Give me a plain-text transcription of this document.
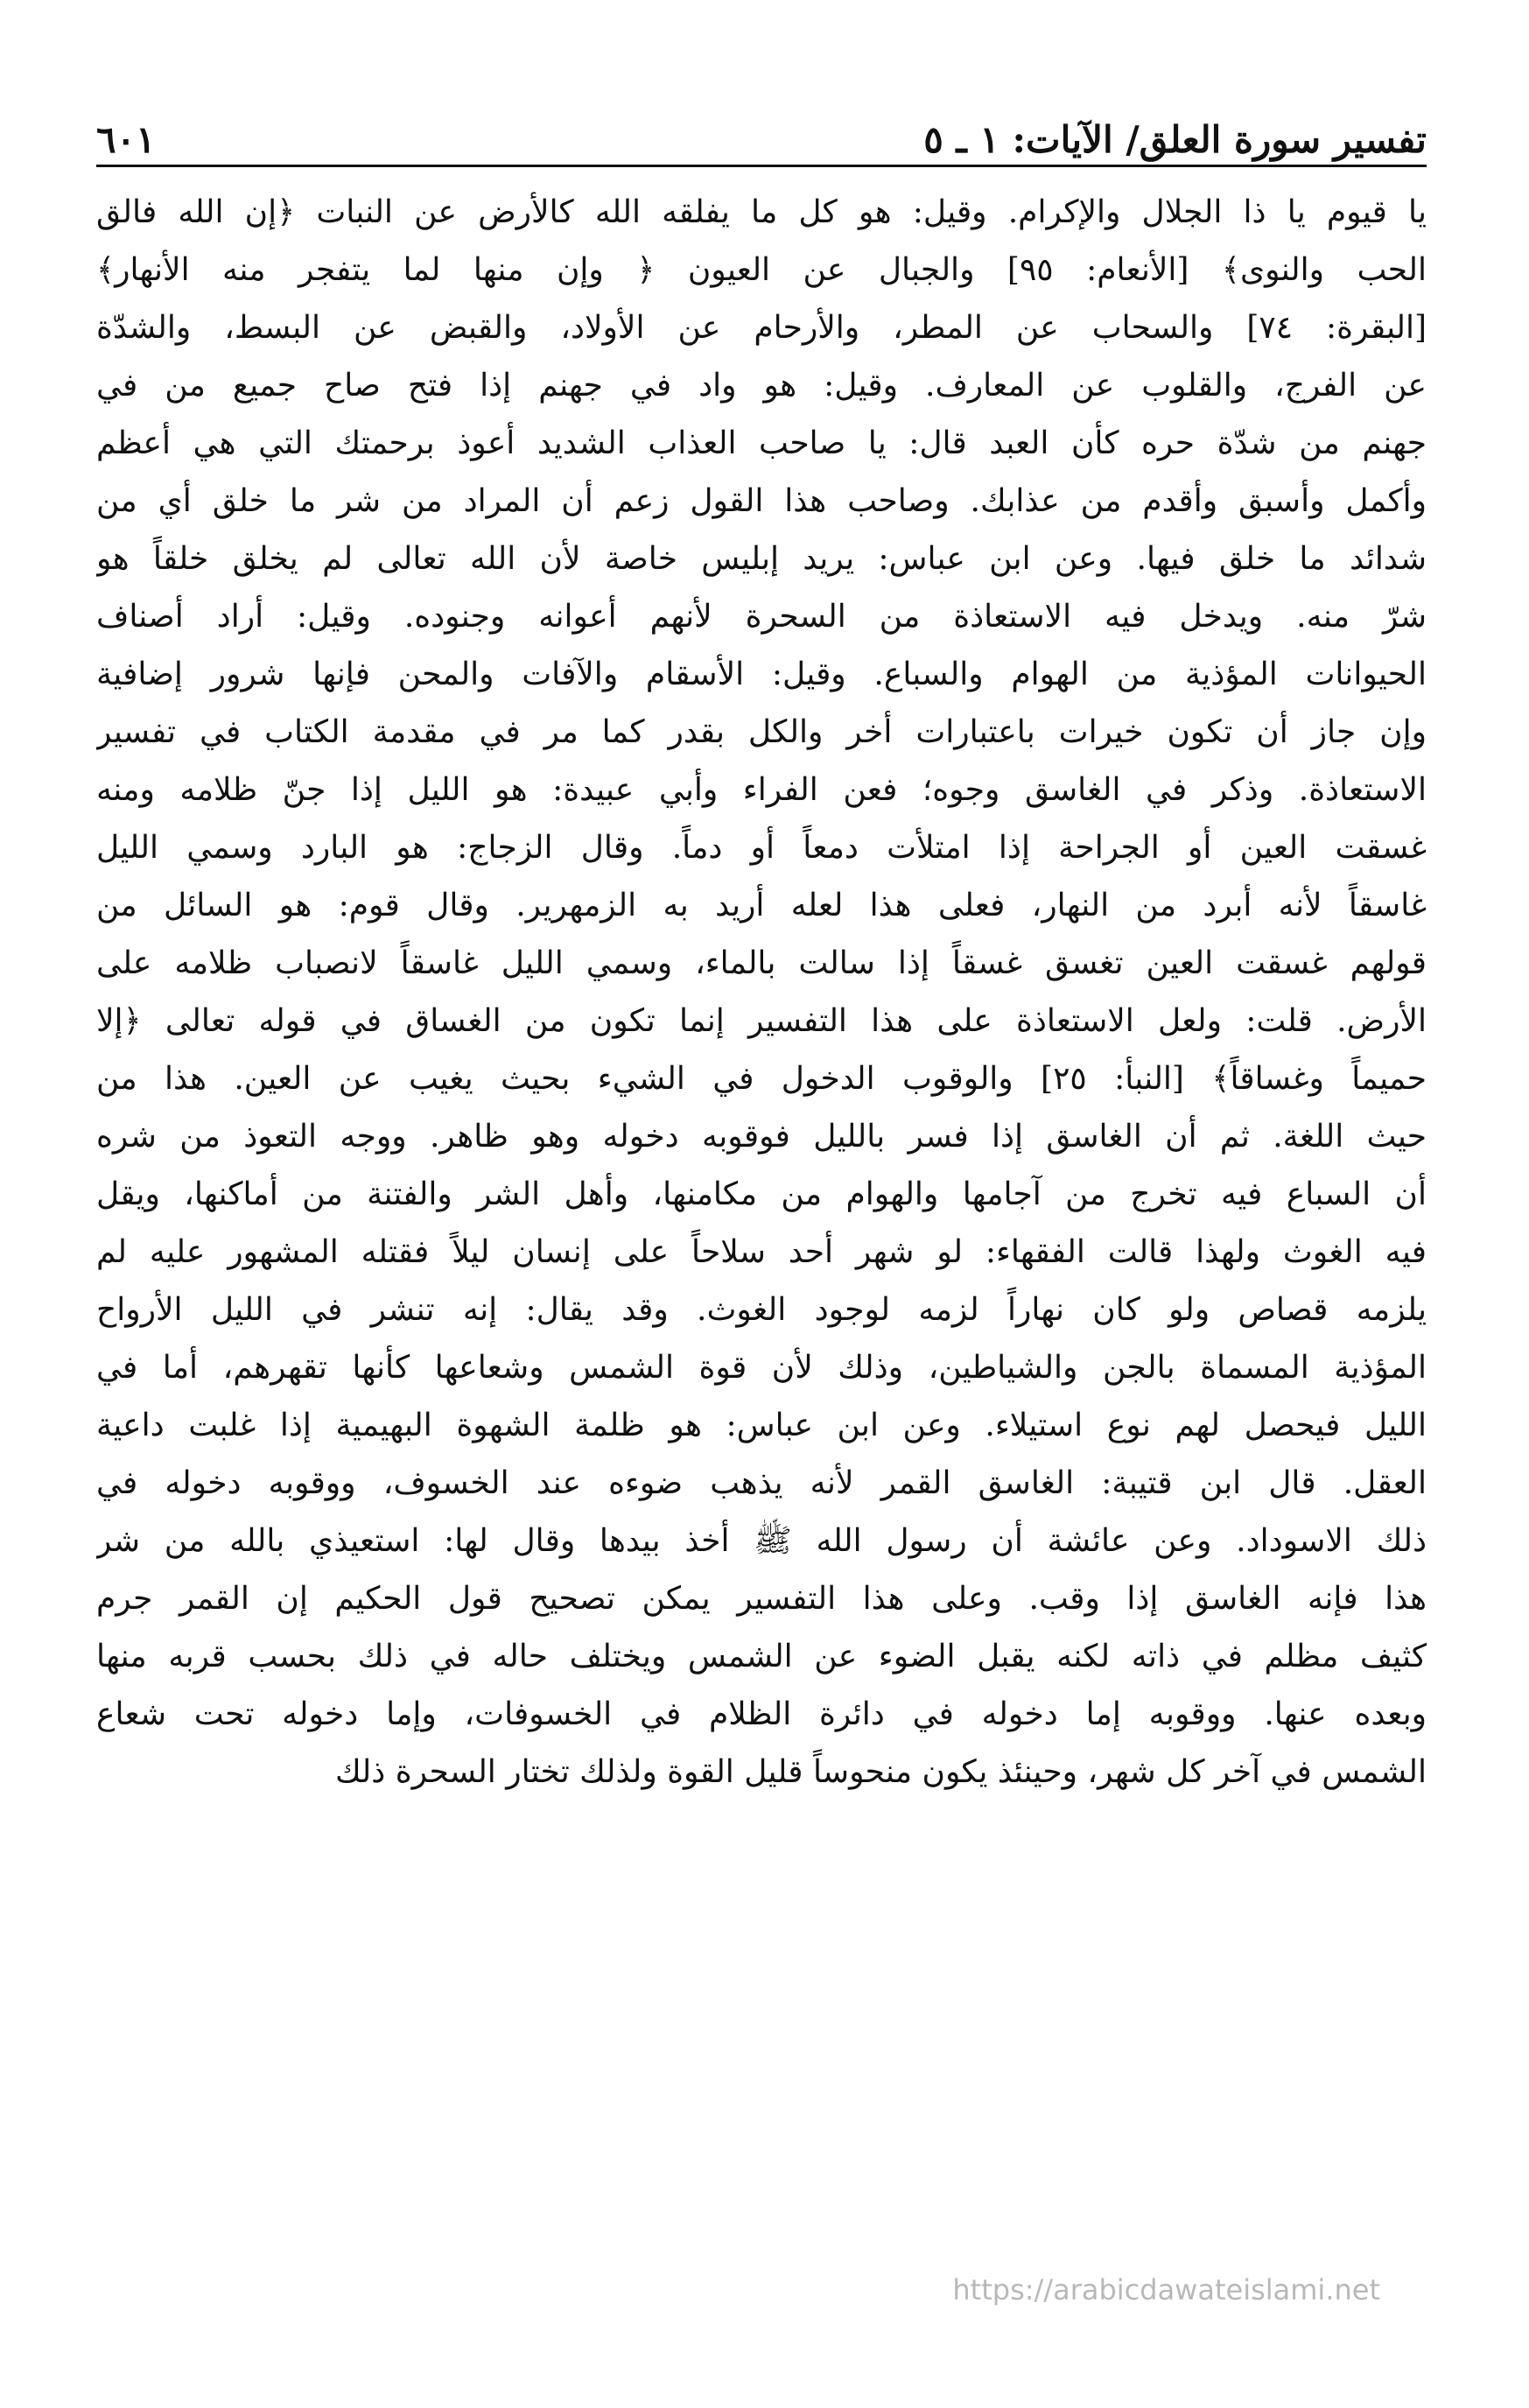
تفسير سورة العلق/ الآيات: ١ ـ ٥
٦٠١
يا قيوم يا ذا الجلال والإكرام. وقيل: هو كل ما يفلقه الله كالأرض عن النبات ﴿إن الله فالق
الحب والنوى﴾ [الأنعام: ٩٥] والجبال عن العيون ﴿ وإن منها لما يتفجر منه الأنهار﴾
[البقرة: ٧٤] والسحاب عن المطر، والأرحام عن الأولاد، والقبض عن البسط، والشدّة
عن الفرج، والقلوب عن المعارف. وقيل: هو واد في جهنم إذا فتح صاح جميع من في
جهنم من شدّة حره كأن العبد قال: يا صاحب العذاب الشديد أعوذ برحمتك التي هي أعظم
وأكمل وأسبق وأقدم من عذابك. وصاحب هذا القول زعم أن المراد من شر ما خلق أي من
شدائد ما خلق فيها. وعن ابن عباس: يريد إبليس خاصة لأن الله تعالى لم يخلق خلقاً هو
شرّ منه. ويدخل فيه الاستعاذة من السحرة لأنهم أعوانه وجنوده. وقيل: أراد أصناف
الحيوانات المؤذية من الهوام والسباع. وقيل: الأسقام والآفات والمحن فإنها شرور إضافية
وإن جاز أن تكون خيرات باعتبارات أخر والكل بقدر كما مر في مقدمة الكتاب في تفسير
الاستعاذة. وذكر في الغاسق وجوه؛ فعن الفراء وأبي عبيدة: هو الليل إذا جنّ ظلامه ومنه
غسقت العين أو الجراحة إذا امتلأت دمعاً أو دماً. وقال الزجاج: هو البارد وسمي الليل
غاسقاً لأنه أبرد من النهار، فعلى هذا لعله أريد به الزمهرير. وقال قوم: هو السائل من
قولهم غسقت العين تغسق غسقاً إذا سالت بالماء، وسمي الليل غاسقاً لانصباب ظلامه على
الأرض. قلت: ولعل الاستعاذة على هذا التفسير إنما تكون من الغساق في قوله تعالى ﴿إلا
حميماً وغساقاً﴾ [النبأ: ٢٥] والوقوب الدخول في الشيء بحيث يغيب عن العين. هذا من
حيث اللغة. ثم أن الغاسق إذا فسر بالليل فوقوبه دخوله وهو ظاهر. ووجه التعوذ من شره
أن السباع فيه تخرج من آجامها والهوام من مكامنها، وأهل الشر والفتنة من أماكنها، ويقل
فيه الغوث ولهذا قالت الفقهاء: لو شهر أحد سلاحاً على إنسان ليلاً فقتله المشهور عليه لم
يلزمه قصاص ولو كان نهاراً لزمه لوجود الغوث. وقد يقال: إنه تنشر في الليل الأرواح
المؤذية المسماة بالجن والشياطين، وذلك لأن قوة الشمس وشعاعها كأنها تقهرهم، أما في
الليل فيحصل لهم نوع استيلاء. وعن ابن عباس: هو ظلمة الشهوة البهيمية إذا غلبت داعية
العقل. قال ابن قتيبة: الغاسق القمر لأنه يذهب ضوءه عند الخسوف، ووقوبه دخوله في
ذلك الاسوداد. وعن عائشة أن رسول الله ﷺ أخذ بيدها وقال لها: استعيذي بالله من شر
هذا فإنه الغاسق إذا وقب. وعلى هذا التفسير يمكن تصحيح قول الحكيم إن القمر جرم
كثيف مظلم في ذاته لكنه يقبل الضوء عن الشمس ويختلف حاله في ذلك بحسب قربه منها
وبعده عنها. ووقوبه إما دخوله في دائرة الظلام في الخسوفات، وإما دخوله تحت شعاع
الشمس في آخر كل شهر، وحينئذ يكون منحوساً قليل القوة ولذلك تختار السحرة ذلك
https://arabicdawateislami.net
